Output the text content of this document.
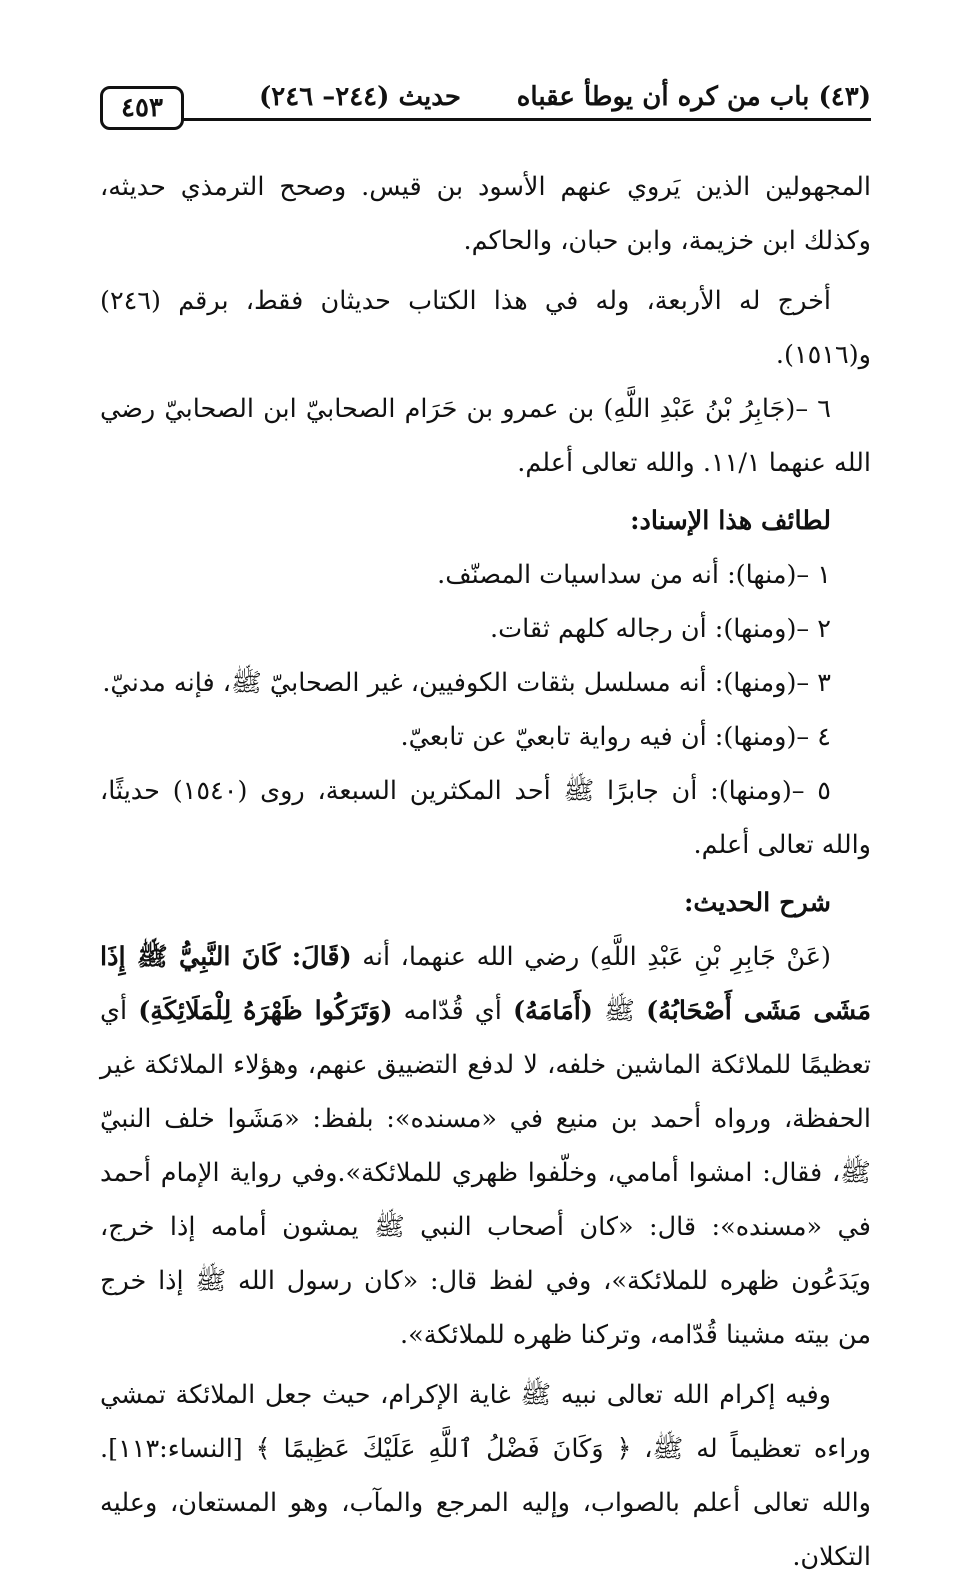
(٤٣) باب من كره أن يوطأ عقباه
حديث (٢٤٤– ٢٤٦)
٤٥٣

المجهولين الذين يَروي عنهم الأسود بن قيس. وصحح الترمذي حديثه، وكذلك ابن خزيمة، وابن حبان، والحاكم.

أخرج له الأربعة، وله في هذا الكتاب حديثان فقط، برقم (٢٤٦) و(١٥١٦).

٦ –(جَابِرُ بْنُ عَبْدِ اللَّهِ) بن عمرو بن حَرَام الصحابيّ ابن الصحابيّ رضي الله عنهما ١١/١. والله تعالى أعلم.

لطائف هذا الإسناد:

١ –(منها): أنه من سداسيات المصنّف.

٢ –(ومنها): أن رجاله كلهم ثقات.

٣ –(ومنها): أنه مسلسل بثقات الكوفيين، غير الصحابيّ ﷺ، فإنه مدنيّ.

٤ –(ومنها): أن فيه رواية تابعيّ عن تابعيّ.

٥ –(ومنها): أن جابرًا ﷺ أحد المكثرين السبعة، روى (١٥٤٠) حديثًا، والله تعالى أعلم.

شرح الحديث:

(عَنْ جَابِرِ بْنِ عَبْدِ اللَّهِ) رضي الله عنهما، أنه (قَالَ: كَانَ النَّبِيُّ ﷺ إِذَا مَشَى مَشَى أَصْحَابُهُ) ﷺ (أَمَامَهُ) أي قُدّامه (وَتَرَكُوا ظَهْرَهُ لِلْمَلَائِكَةِ) أي تعظيمًا للملائكة الماشين خلفه، لا لدفع التضييق عنهم، وهؤلاء الملائكة غير الحفظة، ورواه أحمد بن منيع في «مسنده»: بلفظ: «مَشَوا خلف النبيّ ﷺ، فقال: امشوا أمامي، وخلّفوا ظهري للملائكة».وفي رواية الإمام أحمد في «مسنده»: قال: «كان أصحاب النبي ﷺ يمشون أمامه إذا خرج، ويَدَعُون ظهره للملائكة»، وفي لفظ قال: «كان رسول الله ﷺ إذا خرج من بيته مشينا قُدّامه، وتركنا ظهره للملائكة».

وفيه إكرام الله تعالى نبيه ﷺ غاية الإكرام، حيث جعل الملائكة تمشي وراءه تعظيماً له ﷺ، ﴿ وَكَانَ فَضْلُ ٱللَّهِ عَلَيْكَ عَظِيمًا ﴾ [النساء:١١٣]. والله تعالى أعلم بالصواب، وإليه المرجع والمآب، وهو المستعان، وعليه التكلان.
